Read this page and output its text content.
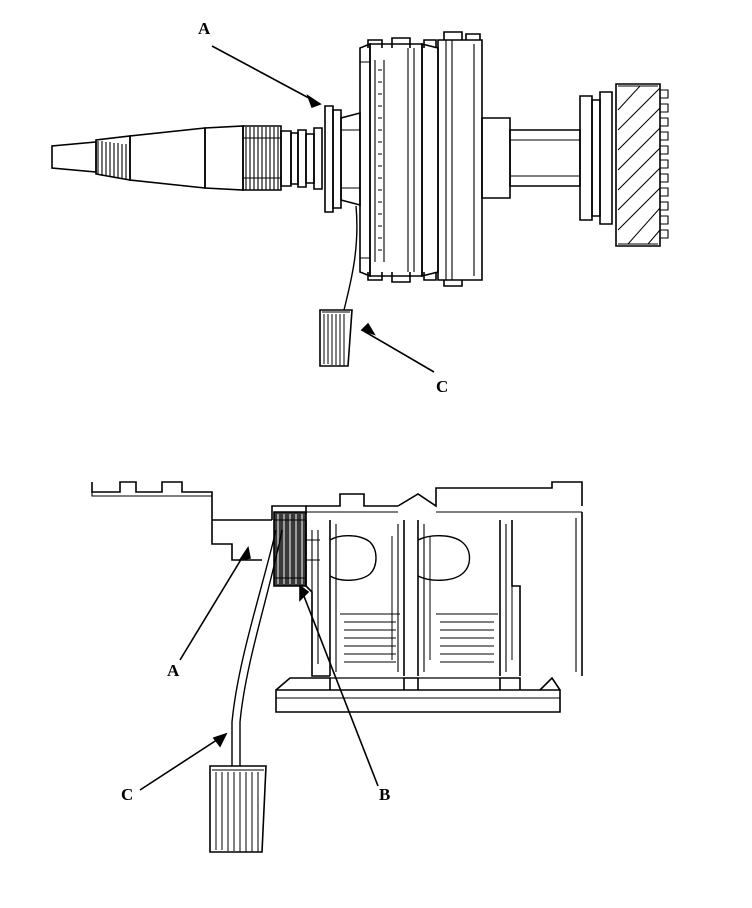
A
C
A
B
C
